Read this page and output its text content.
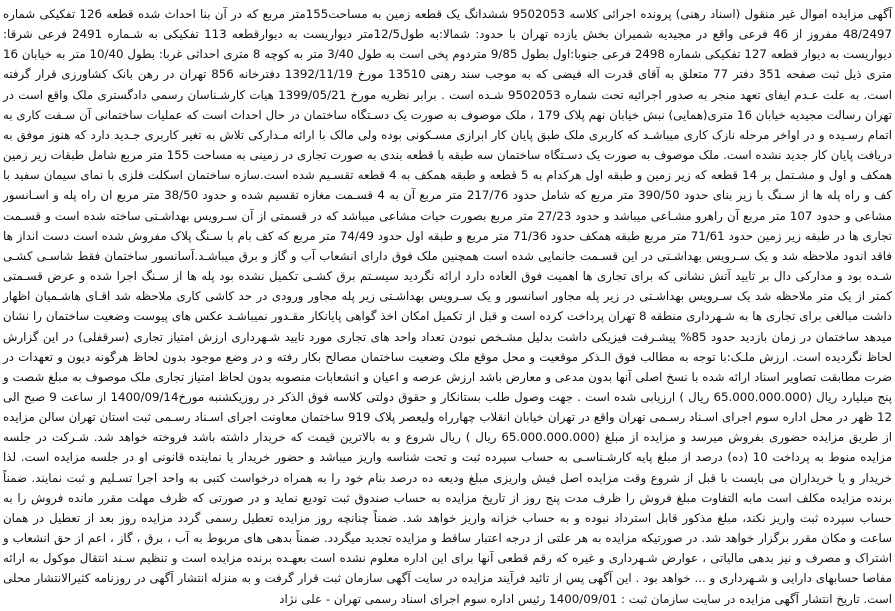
آگهی مزایده اموال غیر منقول (اسناد رهنی) پرونده اجرائی کلاسه 9502053 ششدانگ یک قطعه زمین به مساحت155متر مربع که در آن بنا احداث شده قطعه 126 تفکیکی شماره 48/2497 مفروز از 46 فرعی واقع در مجیدیه شمیران بخش یازده تهران با حدود: شمالا:به طول12/5متر دیواریست به دیوارقطعه 113 تفکیکی به شـماره 2491 فرعی شرقا: دیواریست به دیوار قطعه 127 تفکیکی شماره 2498 فرعی جنوبا:اول بطول 9/85 متردوم پخی است به طول 3/40 متر به کوچه 8 متری احداثی غربا: بطول 10/40 متر به خیابان 16 متری ذیل ثبت صفحه 351 دفتر 77 متعلق به آقای قدرت اله فیضی که به موجب سند رهنی 13510 مورخ 1392/11/19 دفترخانه 856 تهران در رهن بانک کشاورزی قرار گرفته است. به علت عـدم ایفای تعهد منجر به صدور اجرائیه تحت شماره 9502053 شـده است . برابر نظریه مورخ 1399/05/21 هیات کارشـناسان رسمی دادگستری ملک واقع است در تهران رسالت مجیدیه خیابان 16 متری(همایی) نبش خیابان نهم پلاک 179 ، ملک موصوف به صورت یک دسـتگاه ساختمان در حال احداث است که عملیات ساختمانی آن سـفت کاری به اتمام رسـیده و در اواخر مرحله نازک کاری میباشـد که کاربری ملک طبق پایان کار ابرازی مسـکونی بوده ولی مالک با ارائه مـدارکی تلاش به تغیر کاربری جـدید دارد که هنوز موفق به دریافت پایان کار جدید نشده است. ملک موصوف به صورت یک دسـتگاه ساختمان سه طبقه با قطعه بندی به صورت تجاری در زمینی به مساحت 155 متر مربع شامل طبقات زیر زمین همکف و اول و مشـتمل بر 14 قطعه که زیر زمین و طبقه اول هرکدام به 5 قطعه و طبقه همکف به 4 قطعه تقسـیم شده است.سازه ساختمان اسکلت فلزی با نمای سیمان سفید با کف و راه پله ها از سـنگ با زیر بنای حدود 390/50 متر مربع که شامل حدود 217/76 متر مربع آن به 4 قسـمت مغازه تقسیم شده و حدود 38/50 متر مربع ان راه پله و اسـانسور مشاعی و حدود 107 متر مربع آن راهرو مشـاعی میباشد و حدود 27/23 متر مربع بصورت حیات مشاعی میباشد که در قسمتی از آن سـرویس بهداشـتی ساخته شده است و قسـمت تجاری ها در طبقه زیر زمین حدود 71/61 متر مربع طبقه همکف حدود 71/36 متر مربع و طبقه اول حدود 74/49 متر مربع که کف بام با سـنگ پلاک مفروش شده است دست انداز ها فاقد اندود ملاحظه شد و یک سـرویس بهداشـتی در این قسـمت جانمایی شده است همچنین ملک فوق دارای انشعاب آب و گاز و برق میباشـد.آسانسور ساختمان فقط شاسـی کشـی شـده بود و مدارکی دال بر تایید آتش نشانی که برای تجاری ها اهمیت فوق العاده دارد ارائه نگردید سیسـتم برق کشـی تکمیل نشده بود پله ها از سـنگ اجرا شده و عرض قسـمتی کمتر از یک متر ملاحظه شد یک سـرویس بهداشـتی در زیر پله مجاور اسانسور و یک سـرویس بهداشـتی زیر پله مجاور ورودی در حد کاشی کاری ملاحظه شد اقـای هاشـمیان اظهار داشت مبالغی برای تجاری ها به شـهرداری منطقه 8 تهران پرداخت کرده است و قبل از تکمیل امکان اخذ گواهی پایانکار مقـدور نمیباشـد عکس های پیوست وضعیت ساختمان را نشان میدهد ساختمان در زمان بازدید حدود 85% پیشـرفت فیزیکی داشت بدلیل مشـخص نبودن تعداد واحد های تجاری مورد تایید شـهرداری ارزش امتیاز تجاری (سرقفلی) در این گزارش لحاظ نگردیده است. ارزش ملـک:با توجه به مطالب فوق الـذکر موقعیت و محل موقع ملک وضعیت ساختمان مصالح بکار رفته و در وضع موجود بدون لحاظ هرگونه دیون و تعهدات در ضرت مطابقت تصاویر اسناد ارائه شده با نسخ اصلی آنها بدون مدعی و معارض باشد ارزش عرصه و اعیان و انشعابات منصوبه بدون لحاظ امتیاز تجاری ملک موصوف به مبلغ شصت و پنج میلیارد ریال (65.000.000.000 ریال ) ارزیابی شده است . جهت وصول طلب بستانکار و حقوق دولتی کلاسه فوق الذکر در روزیکشنبه مورخ1400/09/14 از ساعت 9 صبح الی 12 ظهر در محل اداره سوم اجرای اسـناد رسـمی تهران واقع در تهران خیابان انقلاب چهارراه ولیعصر پلاک 919 ساختمان معاونت اجرای اسـناد رسـمی ثبت استان تهران سالن مزایده از طریق مزایده حضوری بفروش میرسد و مزایده از مبلغ (65.000.000.000 ریال ) ریال شروع و به بالاترین قیمت که خریدار داشته باشد فروخته خواهد شد. شـرکت در جلسه مزایده منوط به پرداخت 10 (ده) درصد از مبلغ پایه کارشـناسـی به حساب سپرده ثبت و تحت شناسه واریز میباشد و حضور خریدار یا نماینده قانونی او در جلسه مزایده است. لذا خریدار و یا خریداران می بایست با قبل از شروع وقت مزایده اصل فیش واریزی مبلغ ودیعه ده درصد بنام خود را به همراه درخواست کتبی به واحد اجرا تسـلیم و ثبت نمایند. ضمناً برنده مزایده مکلف است مابه التفاوت مبلغ فروش را ظرف مدت پنج روز از تاریخ مزایده به حساب صندوق ثبت تودیع نماید و در صورتی که ظرف مهلت مقرر مانده فروش را به حساب سپرده ثبت واریز نکند، مبلغ مذکور قابل استرداد نبوده و به حساب خزانه واریز خواهد شد. ضمناً چنانچه روز مزایده تعطیل رسمی گردد مزایده روز بعد از تعطیل در همان ساعت و مکان مقرر برگزار خواهد شد. در صورتیکه مزایده به هر علتی از درجه اعتبار ساقط و مزایده تجدید میگردد. ضمناً بدهی های مربوط به آب ، برق ، گاز ، اعم از حق انشعاب و اشتراک و مصرف و نیز بدهی مالیاتی ، عوارض شـهرداری و غیره که رقم قطعی آنها برای این اداره معلوم نشده است بعهـده برنده مزایده است و تنظیم سـند انتقال موکول به ارائه مفاصا حسابهای دارایی و شـهرداری و ... خواهد بود . این آگهی پس از تائید فرآیند مزایده در سایت آگهی سازمان ثبت قرار گرفت و به منزله انتشار آگهی در روزنامه کثیرالانتشار محلی است. تاریخ انتشار آگهی مزایده در سایت سازمان ثبت : 1400/09/01 رئیس اداره سوم اجرای اسناد رسمی تهران - علی نژاد
